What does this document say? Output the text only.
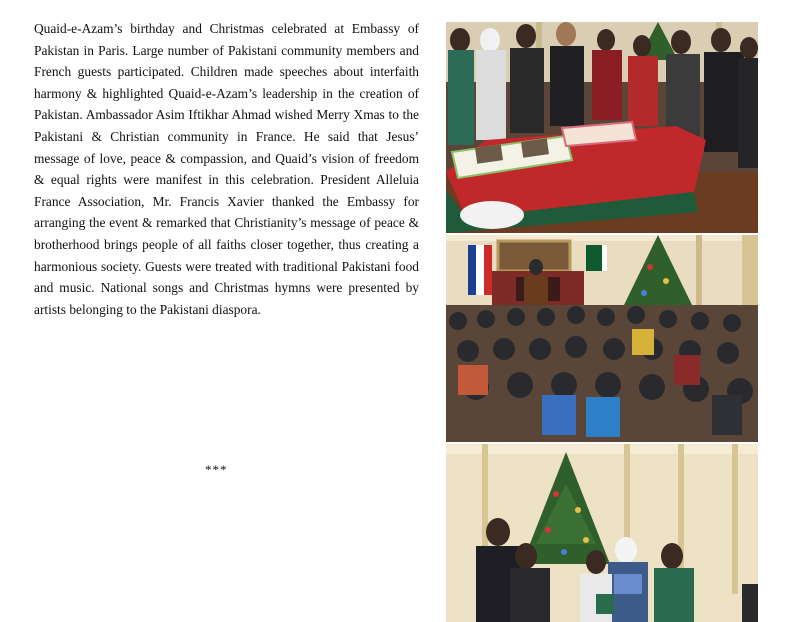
Quaid-e-Azam’s birthday and Christmas celebrated at Embassy of Pakistan in Paris. Large number of Pakistani community members and French guests participated. Children made speeches about interfaith harmony & highlighted Quaid-e-Azam’s leadership in the creation of Pakistan. Ambassador Asim Iftikhar Ahmad wished Merry Xmas to the Pakistani & Christian community in France. He said that Jesus’ message of love, peace & compassion, and Quaid’s vision of freedom & equal rights were manifest in this celebration. President Alleluia France Association, Mr. Francis Xavier thanked the Embassy for arranging the event & remarked that Christianity’s message of peace & brotherhood brings people of all faiths closer together, thus creating a harmonious society. Guests were treated with traditional Pakistani food and music. National songs and Christmas hymns were presented by artists belonging to the Pakistani diaspora.

***
